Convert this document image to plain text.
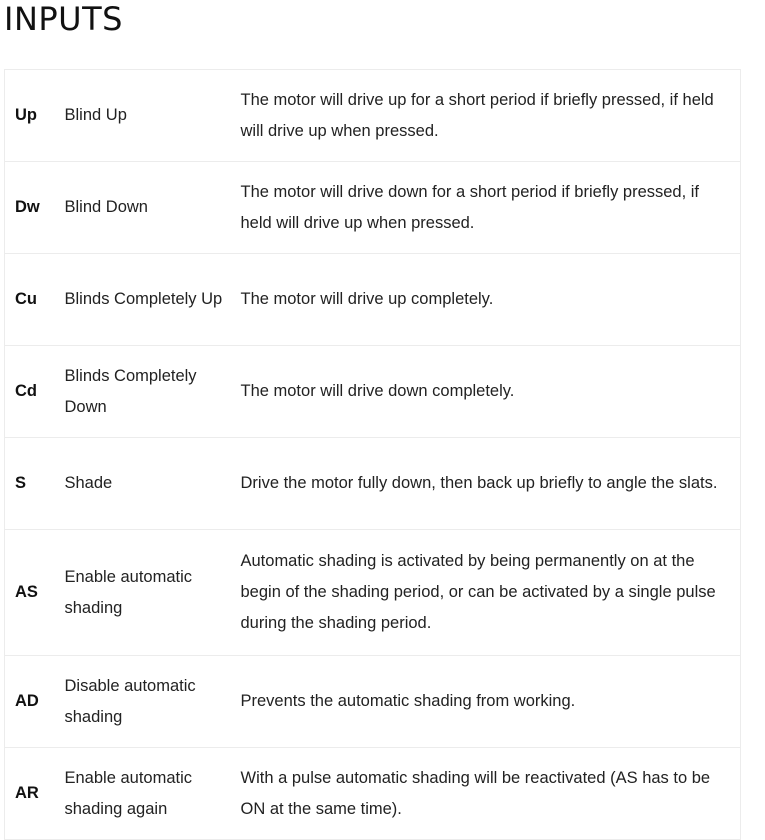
INPUTS
Up	Blind Up	The motor will drive up for a short period if briefly pressed, if held will drive up when pressed.
Dw	Blind Down	The motor will drive down for a short period if briefly pressed, if held will drive up when pressed.
Cu	Blinds Completely Up	The motor will drive up completely.
Cd	Blinds Completely Down	The motor will drive down completely.
S	Shade	Drive the motor fully down, then back up briefly to angle the slats.
AS	Enable automatic shading	Automatic shading is activated by being permanently on at the begin of the shading period, or can be activated by a single pulse during the shading period.
AD	Disable automatic shading	Prevents the automatic shading from working.
AR	Enable automatic shading again	With a pulse automatic shading will be reactivated (AS has to be ON at the same time).
